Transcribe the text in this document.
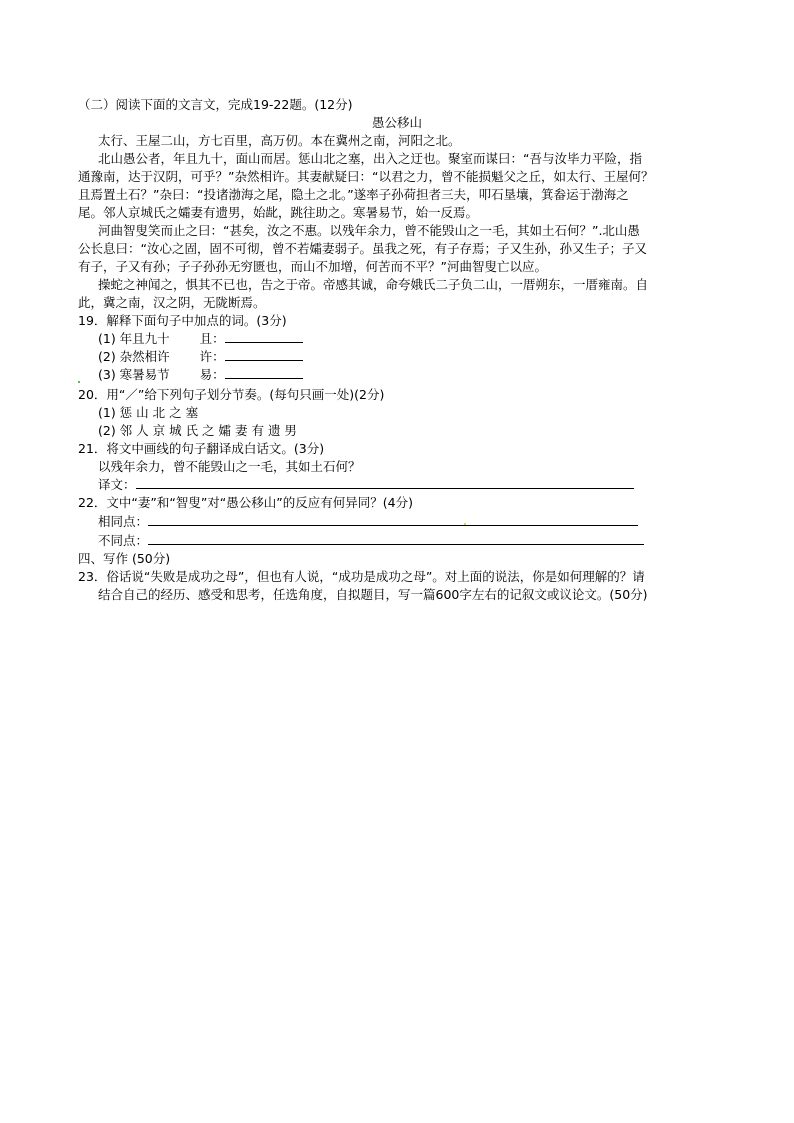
（二）阅读下面的文言文，完成19-22题。(12分)
愚公移山
太行、王屋二山，方七百里，高万仞。本在冀州之南，河阳之北。
北山愚公者，年且九十，面山而居。惩山北之塞，出入之迂也。聚室而谋曰：“吾与汝毕力平险，指
通豫南，达于汉阴，可乎？”杂然相许。其妻献疑曰：“以君之力，曾不能损魁父之丘，如太行、王屋何？
且焉置土石？”杂曰：“投诸渤海之尾，隐土之北。”遂率子孙荷担者三夫，叩石垦壤，箕畚运于渤海之
尾。邻人京城氏之孀妻有遗男，始龀，跳往助之。寒暑易节，始一反焉。
河曲智叟笑而止之曰：“甚矣，汝之不惠。以残年余力，曾不能毁山之一毛，其如土石何？”.北山愚
公长息曰：“汝心之固，固不可彻，曾不若孀妻弱子。虽我之死，有子存焉；子又生孙，孙又生子；子又
有子，子又有孙；子子孙孙无穷匮也，而山不加增，何苦而不平？”河曲智叟亡以应。
操蛇之神闻之，惧其不已也，告之于帝。帝感其诚，命夸娥氏二子负二山，一厝朔东，一厝雍南。自
此，冀之南，汉之阴，无陇断焉。
19．解释下面句子中加点的词。(3分)
(1) 年且九十 且：
(2) 杂然相许 许：
(3) 寒暑易节 易：
20．用“／”给下列句子划分节奏。(每句只画一处)(2分)
(1) 惩 山 北 之 塞
(2) 邻 人 京 城 氏 之 孀 妻 有 遗 男
21．将文中画线的句子翻译成白话文。(3分)
以残年余力，曾不能毁山之一毛，其如土石何？
译文：
22．文中“妻”和“智叟”对“愚公移山”的反应有何异同？(4分)
相同点：
不同点：
四、写作 (50分)
23．俗话说“失败是成功之母”，但也有人说，“成功是成功之母”。对上面的说法，你是如何理解的？请
结合自己的经历、感受和思考，任选角度，自拟题目，写一篇600字左右的记叙文或议论文。(50分)
